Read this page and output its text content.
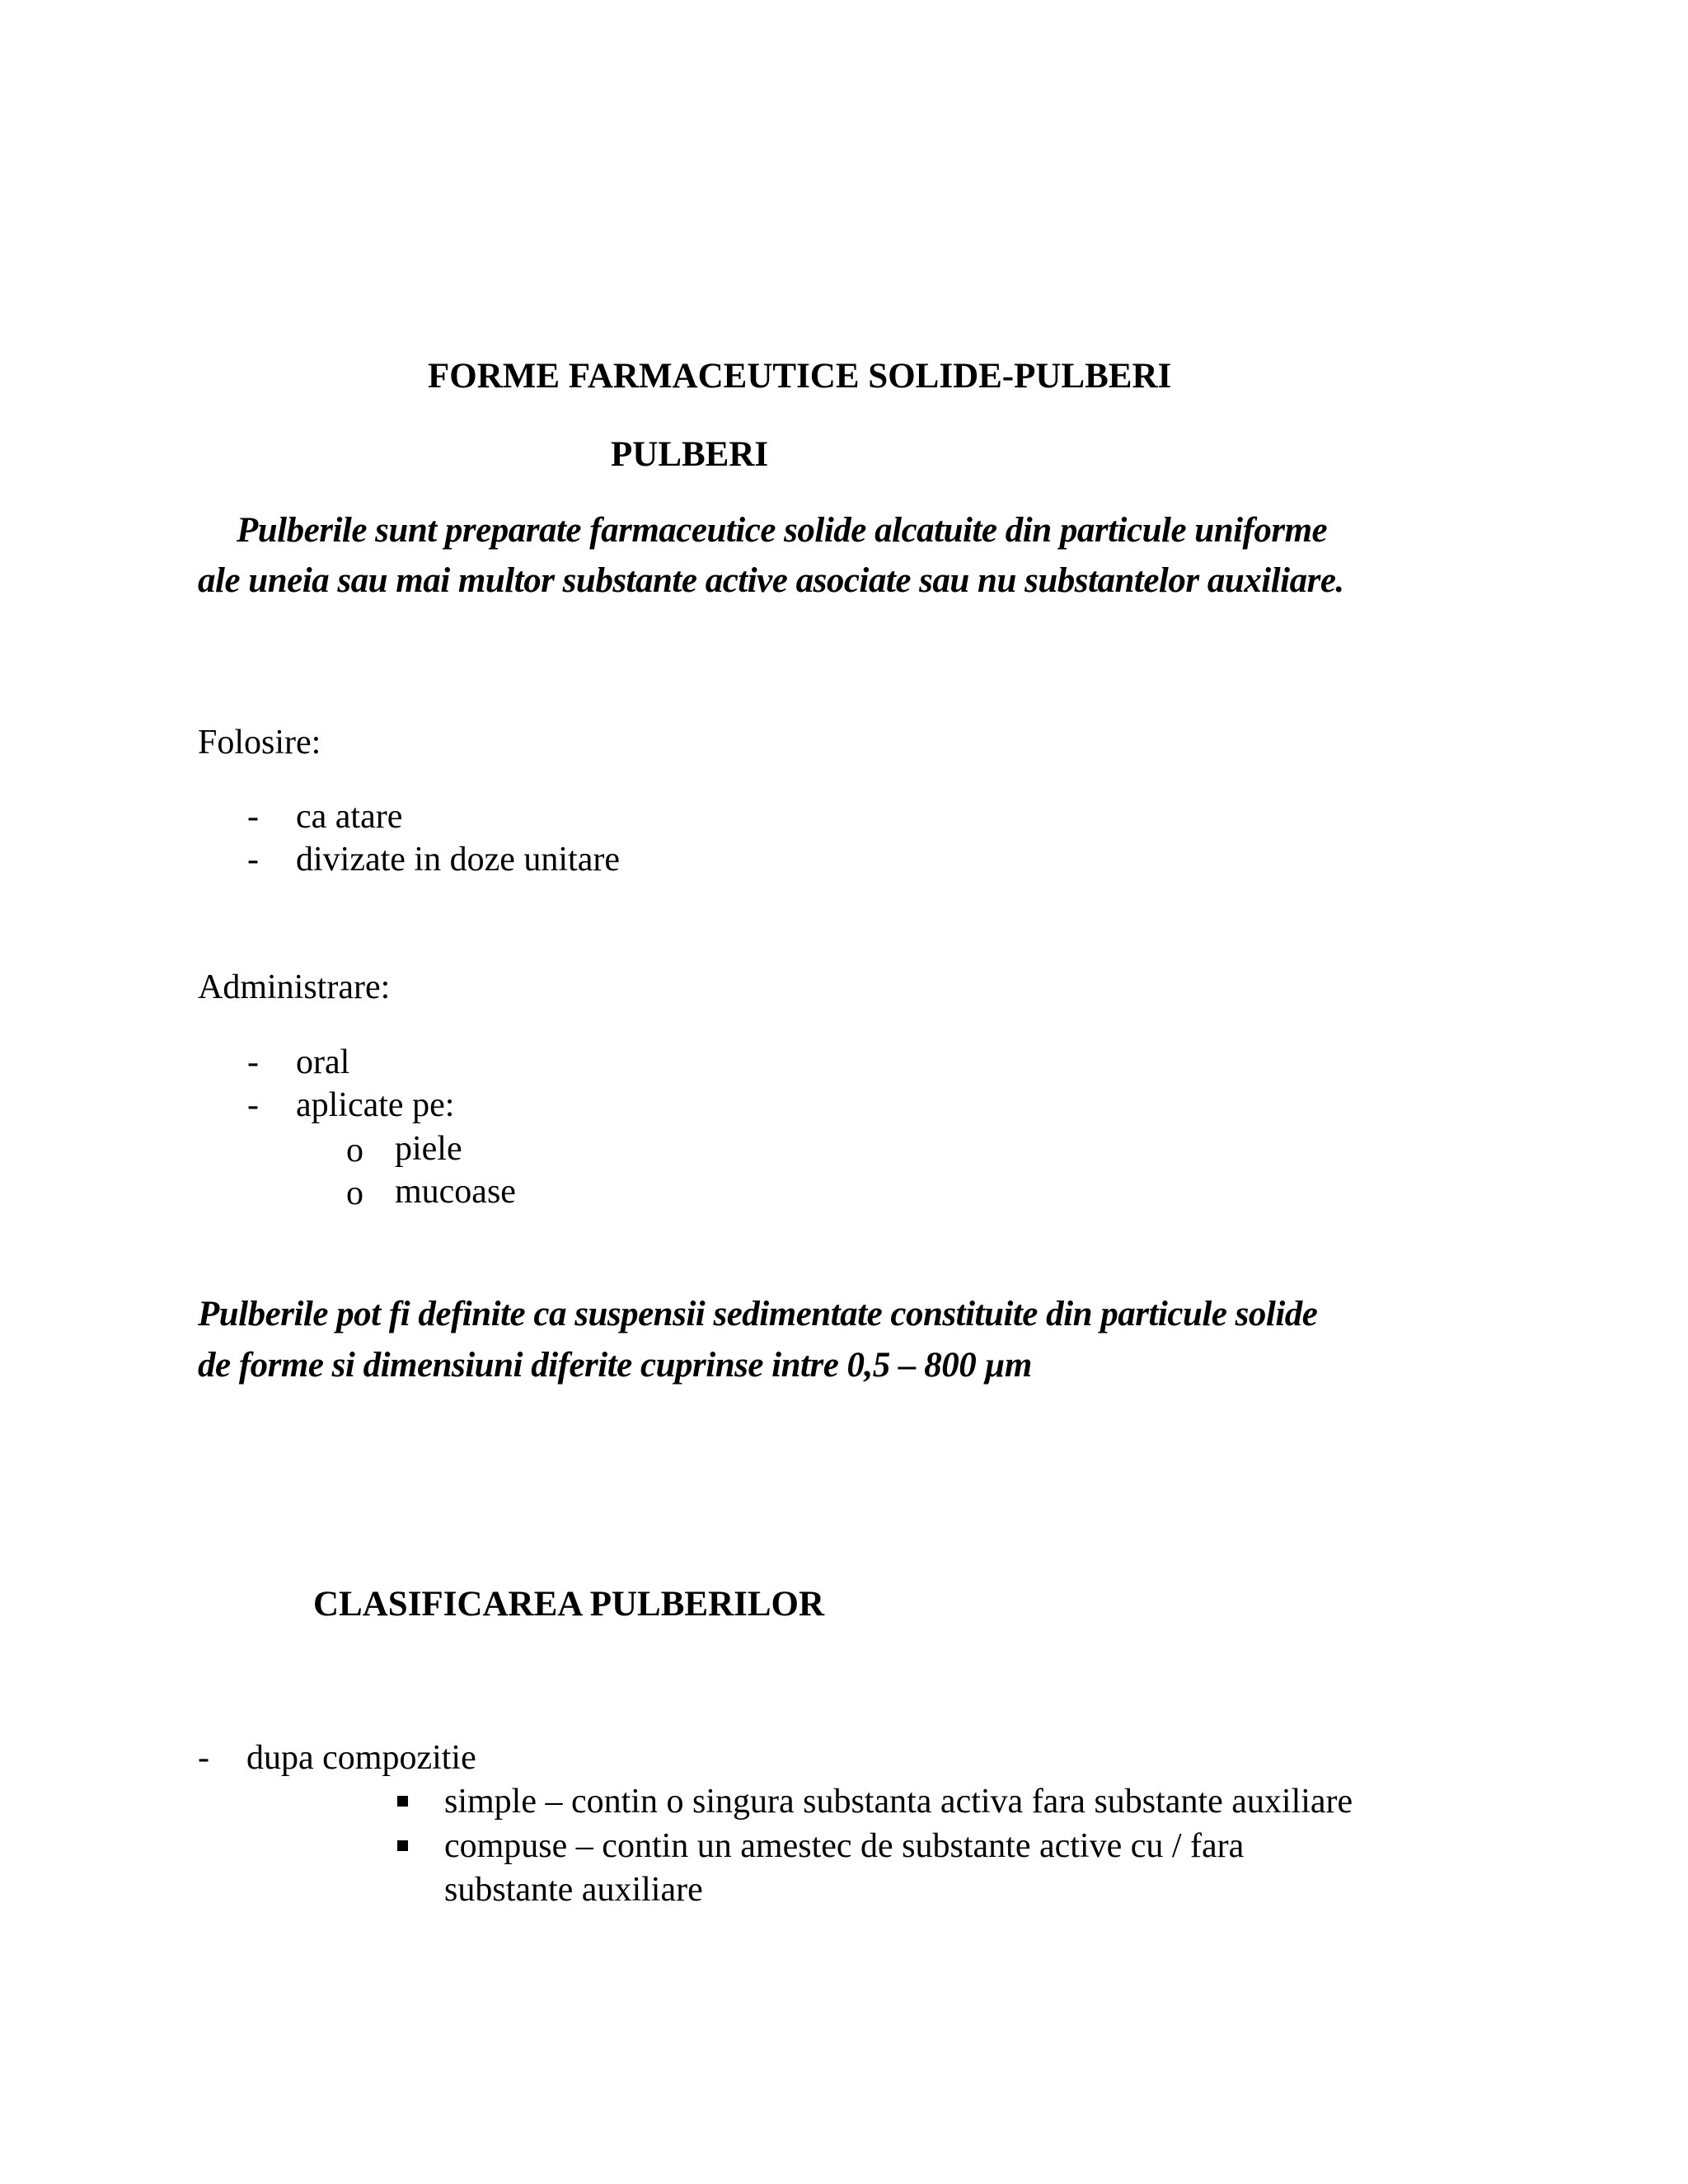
FORME FARMACEUTICE SOLIDE-PULBERI
PULBERI
Pulberile sunt preparate farmaceutice solide alcatuite din particule uniforme
ale uneia sau mai multor substante active asociate sau nu substantelor auxiliare.
Folosire:
- ca atare
- divizate in doze unitare
Administrare:
- oral
- aplicate pe:
o piele
o mucoase
Pulberile pot fi definite ca suspensii sedimentate constituite din particule solide
de forme si dimensiuni diferite cuprinse intre 0,5 – 800 µm
CLASIFICAREA PULBERILOR
- dupa compozitie
simple – contin o singura substanta activa fara substante auxiliare
compuse – contin un amestec de substante active cu / fara
substante auxiliare
